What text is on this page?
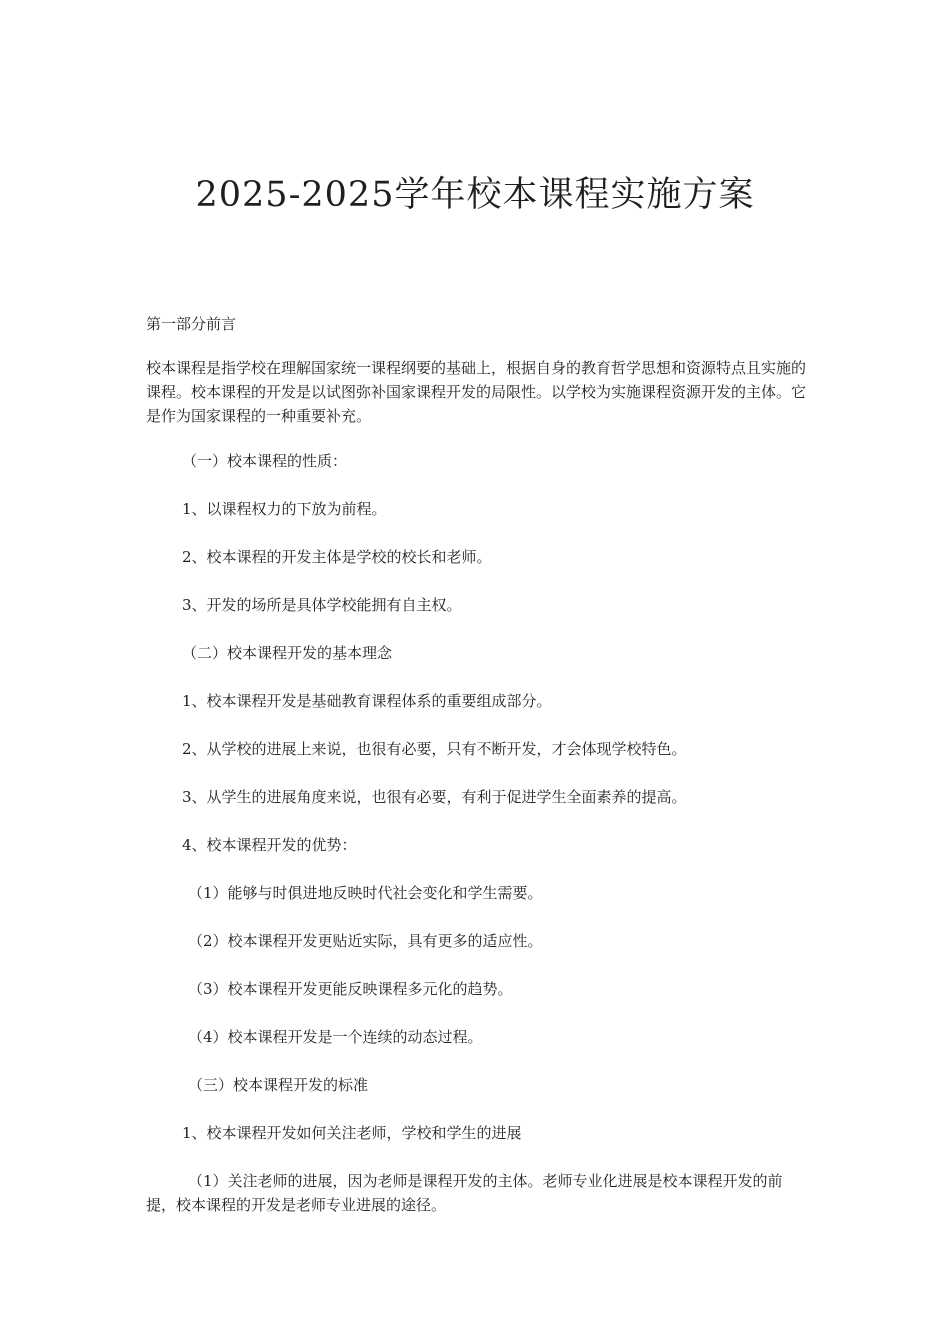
2025-2025学年校本课程实施方案

第一部分前言

校本课程是指学校在理解国家统一课程纲要的基础上，根据自身的教育哲学思想和资源特点且实施的课程。校本课程的开发是以试图弥补国家课程开发的局限性。以学校为实施课程资源开发的主体。它是作为国家课程的一种重要补充。

（一）校本课程的性质：

1、以课程权力的下放为前程。

2、校本课程的开发主体是学校的校长和老师。

3、开发的场所是具体学校能拥有自主权。

（二）校本课程开发的基本理念

1、校本课程开发是基础教育课程体系的重要组成部分。

2、从学校的进展上来说，也很有必要，只有不断开发，才会体现学校特色。

3、从学生的进展角度来说，也很有必要，有利于促进学生全面素养的提高。

4、校本课程开发的优势：

（1）能够与时俱进地反映时代社会变化和学生需要。

（2）校本课程开发更贴近实际，具有更多的适应性。

（3）校本课程开发更能反映课程多元化的趋势。

（4）校本课程开发是一个连续的动态过程。

（三）校本课程开发的标准

1、校本课程开发如何关注老师，学校和学生的进展

（1）关注老师的进展，因为老师是课程开发的主体。老师专业化进展是校本课程开发的前提，校本课程的开发是老师专业进展的途径。
